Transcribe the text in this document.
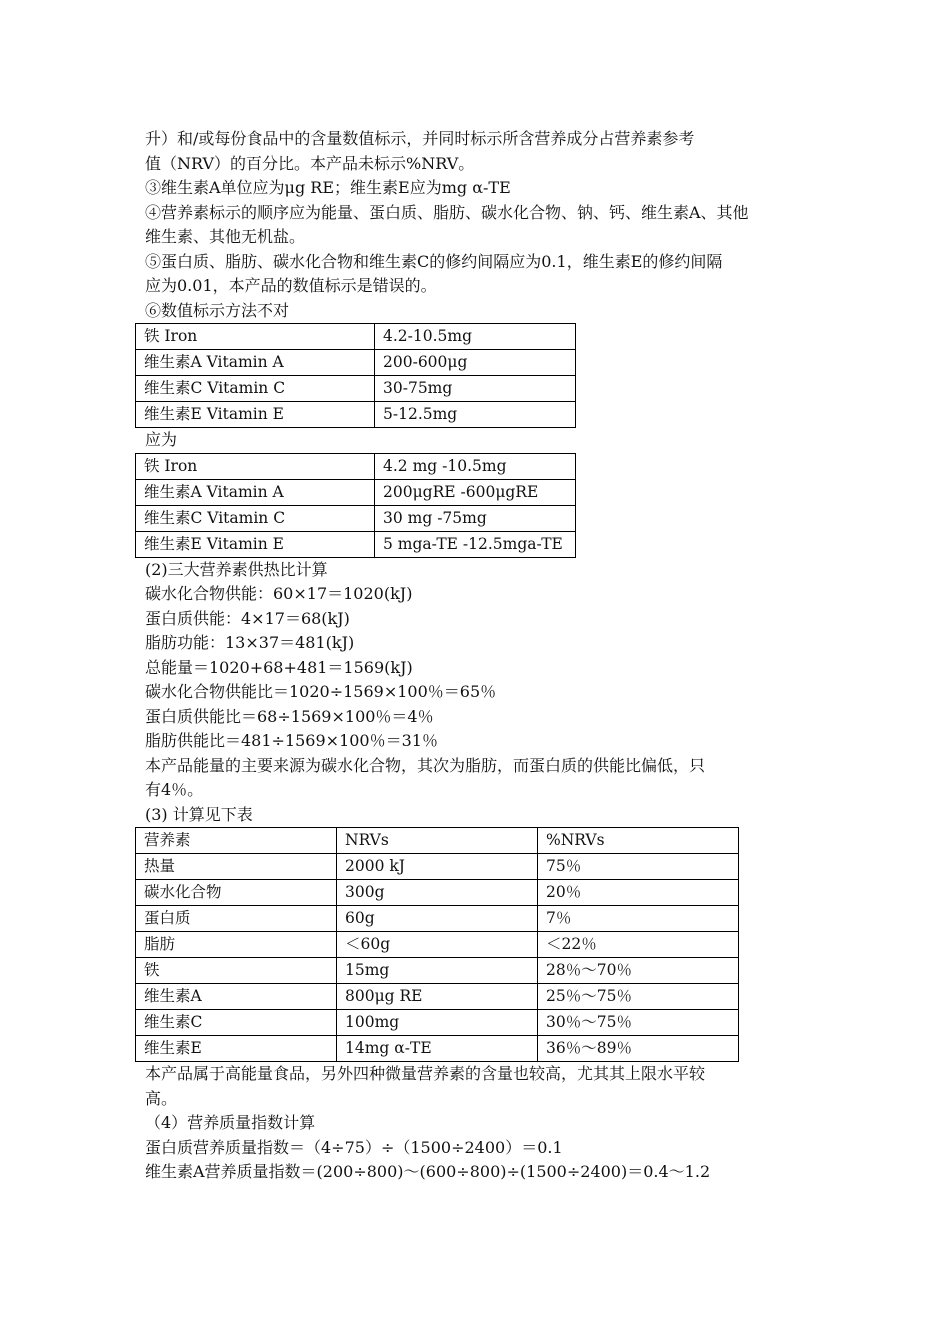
升）和/或每份食品中的含量数值标示，并同时标示所含营养成分占营养素参考

值（NRV）的百分比。本产品未标示%NRV。

③维生素A单位应为μg RE；维生素E应为mg α-TE

④营养素标示的顺序应为能量、蛋白质、脂肪、碳水化合物、钠、钙、维生素A、其他

维生素、其他无机盐。

⑤蛋白质、脂肪、碳水化合物和维生素C的修约间隔应为0.1，维生素E的修约间隔

应为0.01，本产品的数值标示是错误的。

⑥数值标示方法不对

铁 Iron	4.2-10.5mg
维生素A Vitamin A	200-600μg
维生素C Vitamin C	30-75mg
维生素E Vitamin E	5-12.5mg

应为

铁 Iron	4.2 mg -10.5mg
维生素A Vitamin A	200μgRE -600μgRE
维生素C Vitamin C	30 mg -75mg
维生素E Vitamin E	5 mga-TE -12.5mga-TE

(2)三大营养素供热比计算

碳水化合物供能：60×17＝1020(kJ)

蛋白质供能：4×17＝68(kJ)

脂肪功能：13×37＝481(kJ)

总能量＝1020+68+481＝1569(kJ)

碳水化合物供能比＝1020÷1569×100％＝65％

蛋白质供能比＝68÷1569×100％＝4％

脂肪供能比＝481÷1569×100％＝31％

本产品能量的主要来源为碳水化合物，其次为脂肪，而蛋白质的供能比偏低，只

有4％。

(3) 计算见下表

营养素	NRVs	%NRVs
热量	2000 kJ	75％
碳水化合物	300g	20％
蛋白质	60g	7％
脂肪	＜60g	＜22％
铁	15mg	28％～70％
维生素A	800μg RE	25％～75％
维生素C	100mg	30％～75％
维生素E	14mg α-TE	36％～89％

本产品属于高能量食品，另外四种微量营养素的含量也较高，尤其其上限水平较

高。

（4）营养质量指数计算

蛋白质营养质量指数＝（4÷75）÷（1500÷2400）＝0.1

维生素A营养质量指数＝(200÷800)～(600÷800)÷(1500÷2400)＝0.4～1.2
